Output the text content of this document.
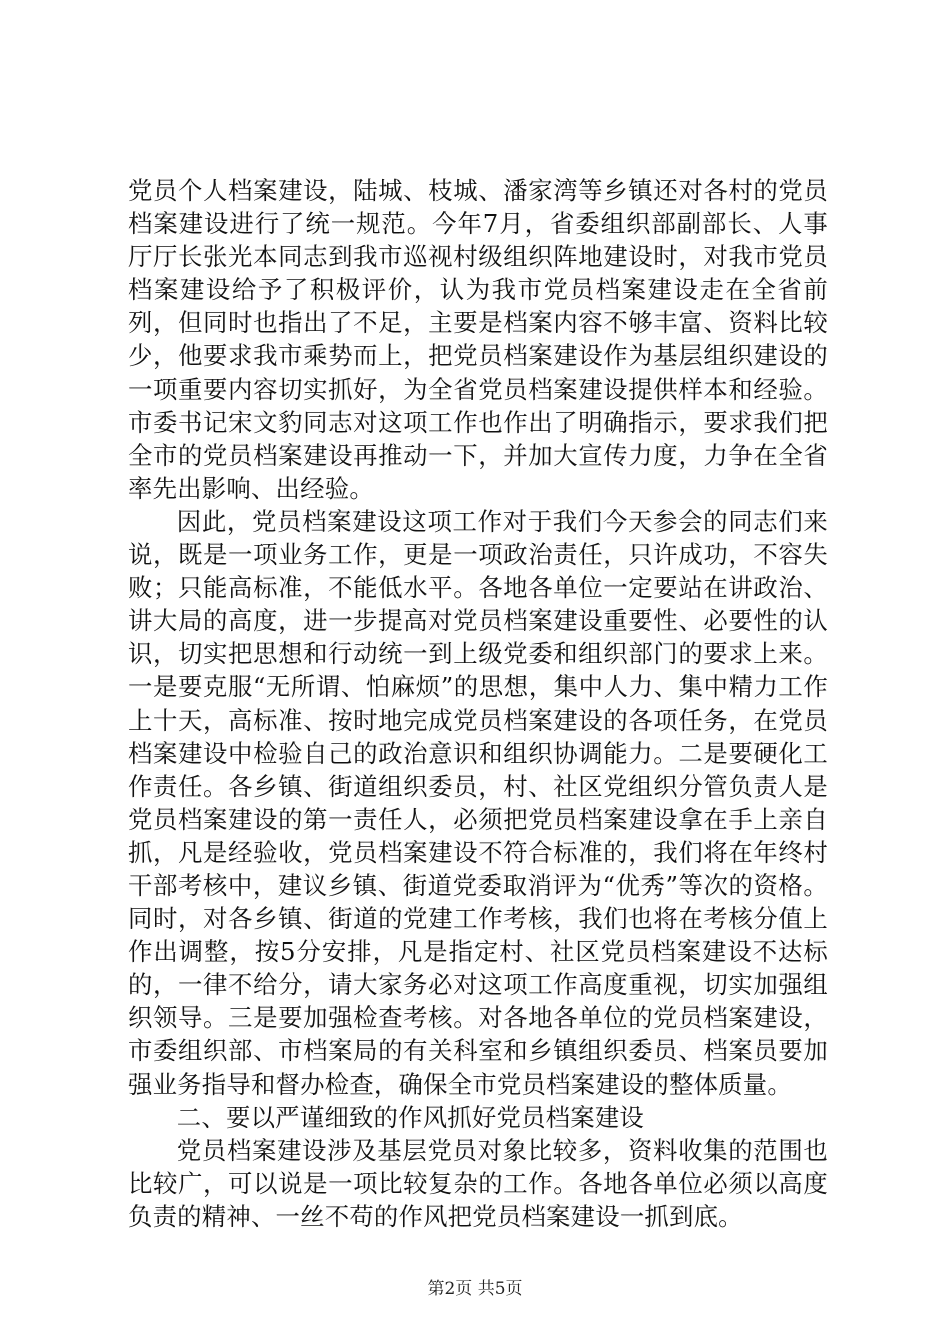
党员个人档案建设，陆城、枝城、潘家湾等乡镇还对各村的党员档案建设进行了统一规范。今年7月，省委组织部副部长、人事厅厅长张光本同志到我市巡视村级组织阵地建设时，对我市党员档案建设给予了积极评价，认为我市党员档案建设走在全省前列，但同时也指出了不足，主要是档案内容不够丰富、资料比较少，他要求我市乘势而上，把党员档案建设作为基层组织建设的一项重要内容切实抓好，为全省党员档案建设提供样本和经验。市委书记宋文豹同志对这项工作也作出了明确指示，要求我们把全市的党员档案建设再推动一下，并加大宣传力度，力争在全省率先出影响、出经验。

因此，党员档案建设这项工作对于我们今天参会的同志们来说，既是一项业务工作，更是一项政治责任，只许成功，不容失败；只能高标准，不能低水平。各地各单位一定要站在讲政治、讲大局的高度，进一步提高对党员档案建设重要性、必要性的认识，切实把思想和行动统一到上级党委和组织部门的要求上来。一是要克服“无所谓、怕麻烦”的思想，集中人力、集中精力工作上十天，高标准、按时地完成党员档案建设的各项任务，在党员档案建设中检验自己的政治意识和组织协调能力。二是要硬化工作责任。各乡镇、街道组织委员，村、社区党组织分管负责人是党员档案建设的第一责任人，必须把党员档案建设拿在手上亲自抓，凡是经验收，党员档案建设不符合标准的，我们将在年终村干部考核中，建议乡镇、街道党委取消评为“优秀”等次的资格。同时，对各乡镇、街道的党建工作考核，我们也将在考核分值上作出调整，按5分安排，凡是指定村、社区党员档案建设不达标的，一律不给分，请大家务必对这项工作高度重视，切实加强组织领导。三是要加强检查考核。对各地各单位的党员档案建设，市委组织部、市档案局的有关科室和乡镇组织委员、档案员要加强业务指导和督办检查，确保全市党员档案建设的整体质量。

二、要以严谨细致的作风抓好党员档案建设

党员档案建设涉及基层党员对象比较多，资料收集的范围也比较广，可以说是一项比较复杂的工作。各地各单位必须以高度负责的精神、一丝不苟的作风把党员档案建设一抓到底。

第2页 共5页
